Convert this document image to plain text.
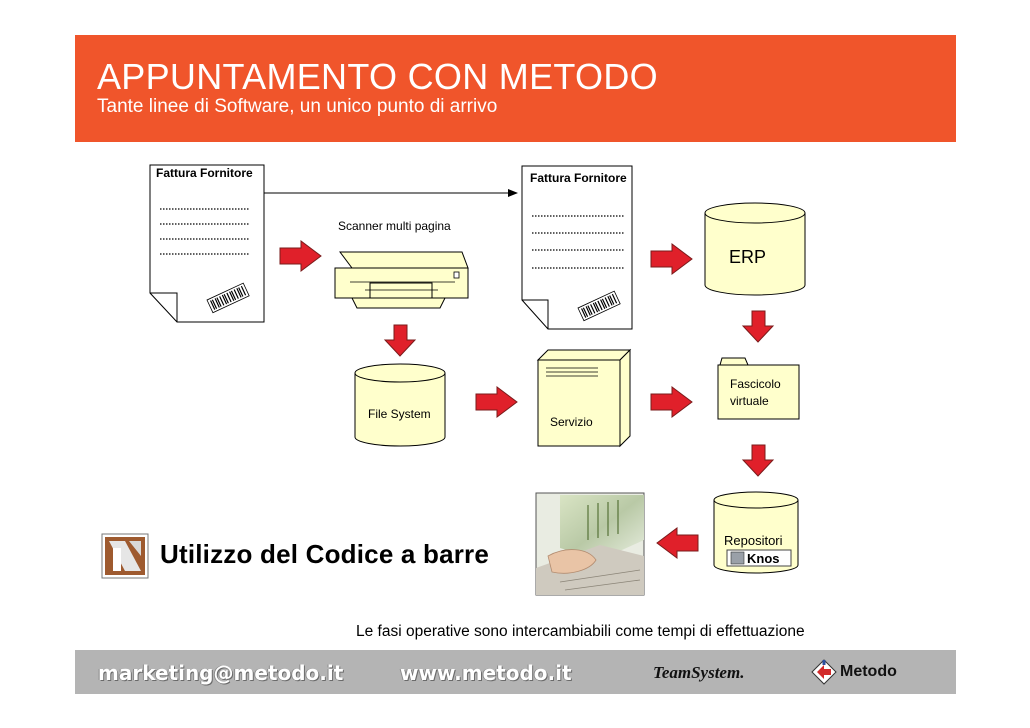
APPUNTAMENTO CON METODO
Tante linee di Software, un unico punto di arrivo
Fattura Fornitore	Fattura Fornitore
Scanner multi pagina
File System
Servizio
ERP
Fascicolo
virtuale
Repositori
Knos
Utilizzo del Codice a barre
Le fasi operative sono intercambiabili come tempi di effettuazione
marketing@metodo.it	www.metodo.it	TeamSystem.	Metodo
